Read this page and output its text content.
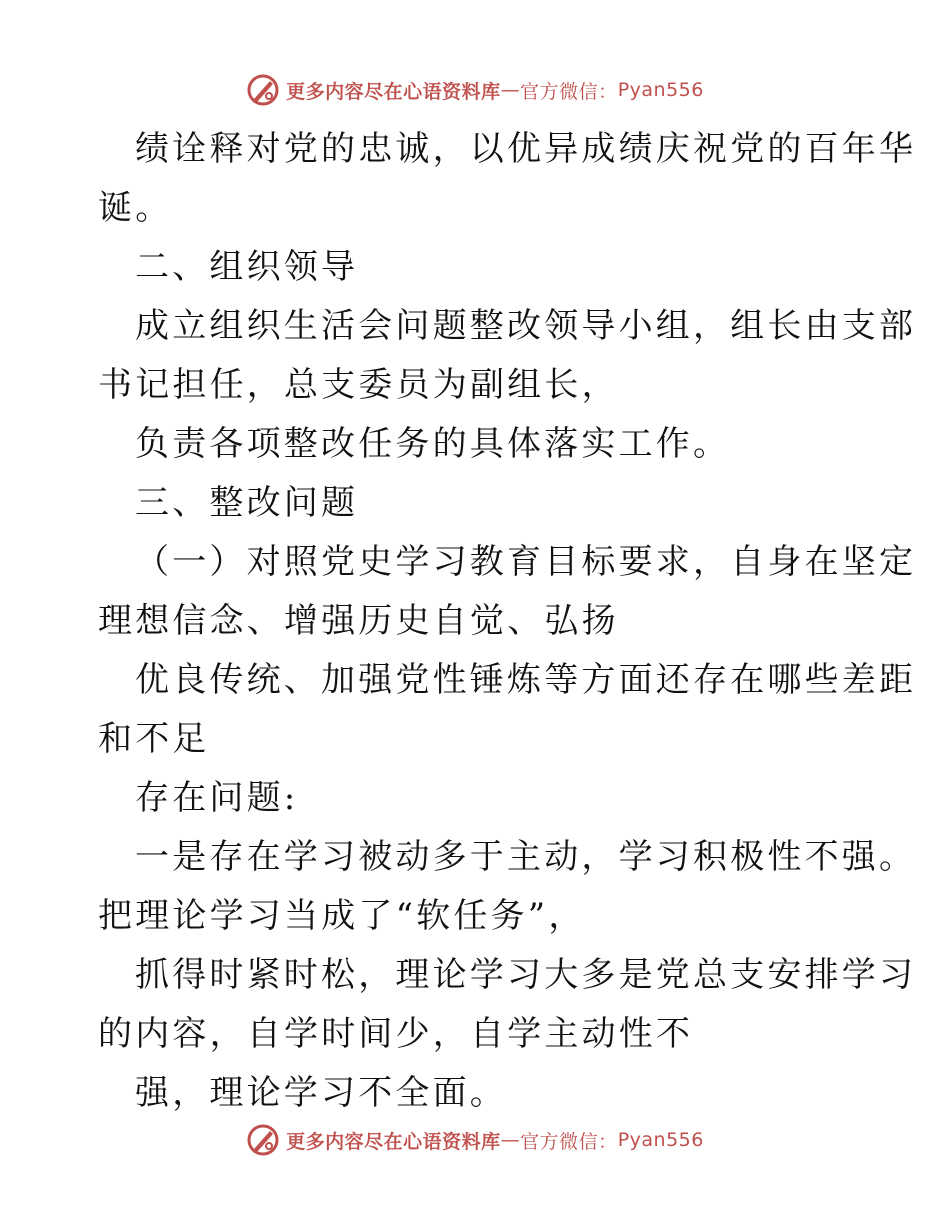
更多内容尽在心语资料库 — 官方微信： Pyan556
绩诠释对党的忠诚，以优异成绩庆祝党的百年华
诞。
二、组织领导
成立组织生活会问题整改领导小组，组长由支部
书记担任，总支委员为副组长，
负责各项整改任务的具体落实工作。
三、整改问题
（一）对照党史学习教育目标要求，自身在坚定
理想信念、增强历史自觉、弘扬
优良传统、加强党性锤炼等方面还存在哪些差距
和不足
存在问题:
一是存在学习被动多于主动，学习积极性不强。
把理论学习当成了“软任务”，
抓得时紧时松，理论学习大多是党总支安排学习
的内容，自学时间少，自学主动性不
强，理论学习不全面。
更多内容尽在心语资料库 — 官方微信： Pyan556
